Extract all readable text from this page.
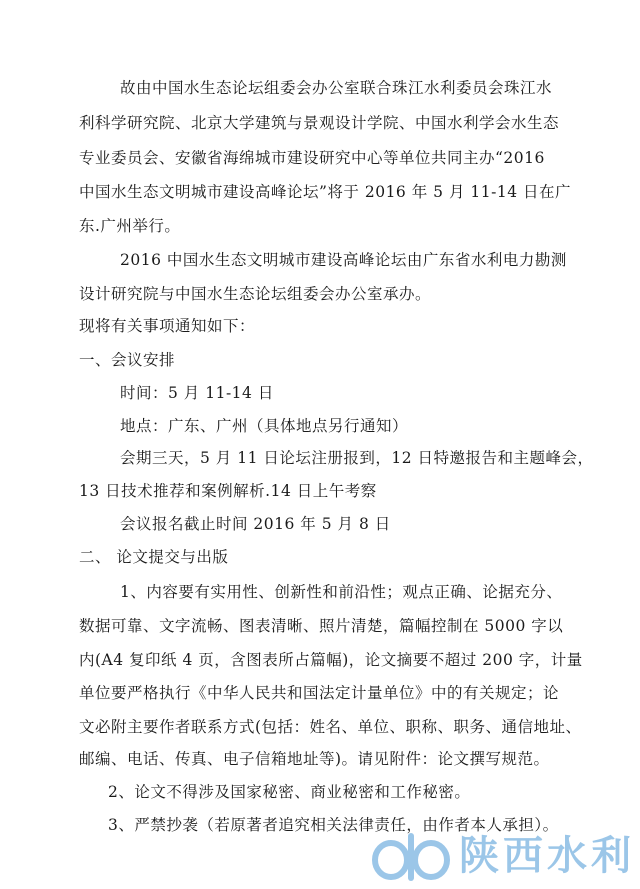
故由中国水生态论坛组委会办公室联合珠江水利委员会珠江水
利科学研究院、北京大学建筑与景观设计学院、中国水利学会水生态
专业委员会、安徽省海绵城市建设研究中心等单位共同主办“2016
中国水生态文明城市建设高峰论坛”将于 2016 年 5 月 11-14 日在广
东.广州举行。
2016 中国水生态文明城市建设高峰论坛由广东省水利电力勘测
设计研究院与中国水生态论坛组委会办公室承办。
现将有关事项通知如下：
一、会议安排
时间：5 月 11-14 日
地点：广东、广州（具体地点另行通知）
会期三天，5 月 11 日论坛注册报到，12 日特邀报告和主题峰会，
13 日技术推荐和案例解析.14 日上午考察
会议报名截止时间 2016 年 5 月 8 日
二、 论文提交与出版
1、内容要有实用性、创新性和前沿性；观点正确、论据充分、
数据可靠、文字流畅、图表清晰、照片清楚，篇幅控制在 5000 字以
内(A4 复印纸 4 页，含图表所占篇幅)，论文摘要不超过 200 字，计量
单位要严格执行《中华人民共和国法定计量单位》中的有关规定；论
文必附主要作者联系方式(包括：姓名、单位、职称、职务、通信地址、
邮编、电话、传真、电子信箱地址等)。请见附件：论文撰写规范。
2、论文不得涉及国家秘密、商业秘密和工作秘密。
3、严禁抄袭（若原著者追究相关法律责任，由作者本人承担）。
陕西水利
